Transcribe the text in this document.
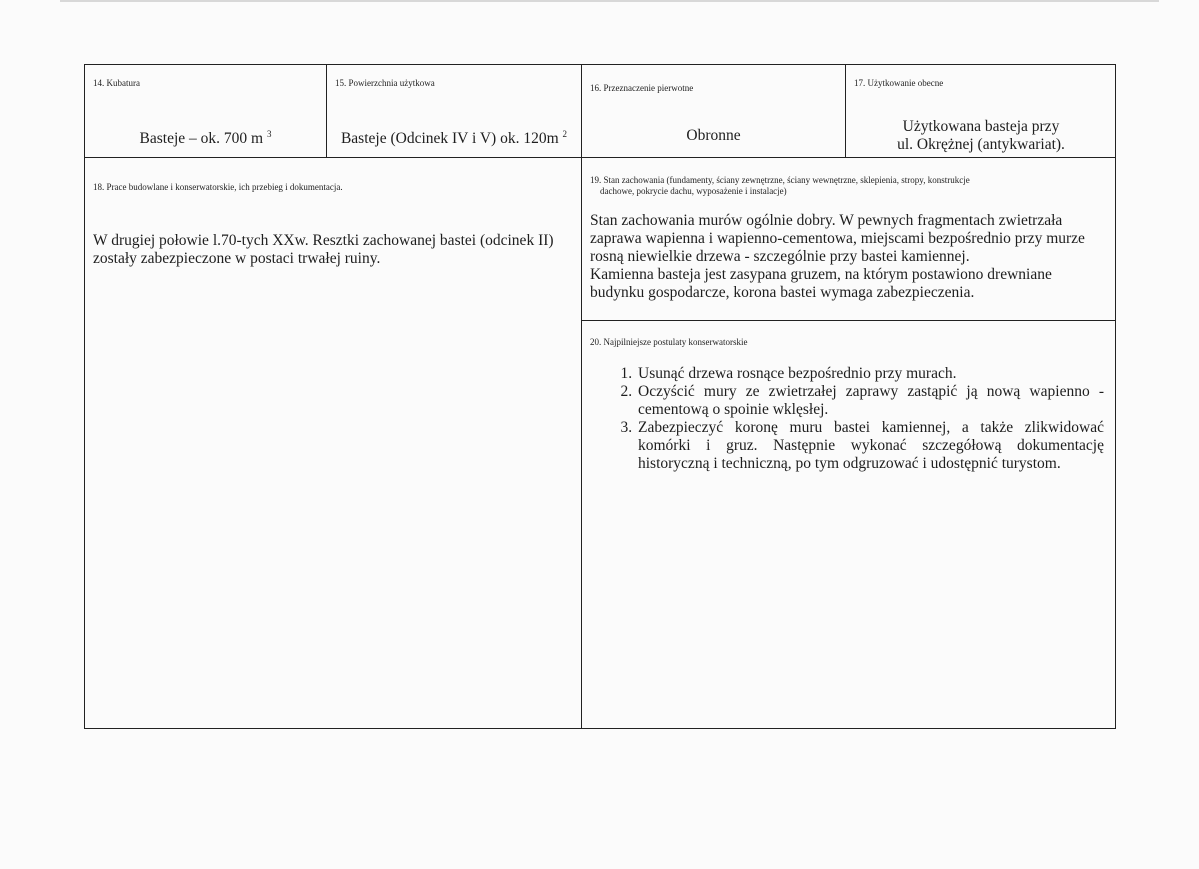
14. Kubatura
Basteje – ok. 700 m $^3$
15. Powierzchnia użytkowa
Basteje (Odcinek IV i V) ok. 120m $^2$
16. Przeznaczenie pierwotne
Obronne
17. Użytkowanie obecne
Użytkowana basteja przy
ul. Okrężnej (antykwariat).
18. Prace budowlane i konserwatorskie, ich przebieg i dokumentacja.
W drugiej połowie l.70-tych XXw. Resztki zachowanej bastei (odcinek II) zostały zabezpieczone w postaci trwałej ruiny.
19. Stan zachowania (fundamenty, ściany zewnętrzne, ściany wewnętrzne, sklepienia, stropy, konstrukcje
dachowe, pokrycie dachu, wyposażenie i instalacje)
Stan zachowania murów ogólnie dobry. W pewnych fragmentach zwietrzała zaprawa wapienna i wapienno-cementowa, miejscami bezpośrednio przy murze rosną niewielkie drzewa - szczególnie przy bastei kamiennej.
Kamienna basteja jest zasypana gruzem, na którym postawiono drewniane budynku gospodarcze, korona bastei wymaga zabezpieczenia.
20. Najpilniejsze postulaty konserwatorskie
1. Usunąć drzewa rosnące bezpośrednio przy murach.
2. Oczyścić mury ze zwietrzałej zaprawy zastąpić ją nową wapienno - cementową o spoinie wklęsłej.
3. Zabezpieczyć koronę muru bastei kamiennej, a także zlikwidować komórki i gruz. Następnie wykonać szczegółową dokumentację historyczną i techniczną, po tym odgruzować i udostępnić turystom.
